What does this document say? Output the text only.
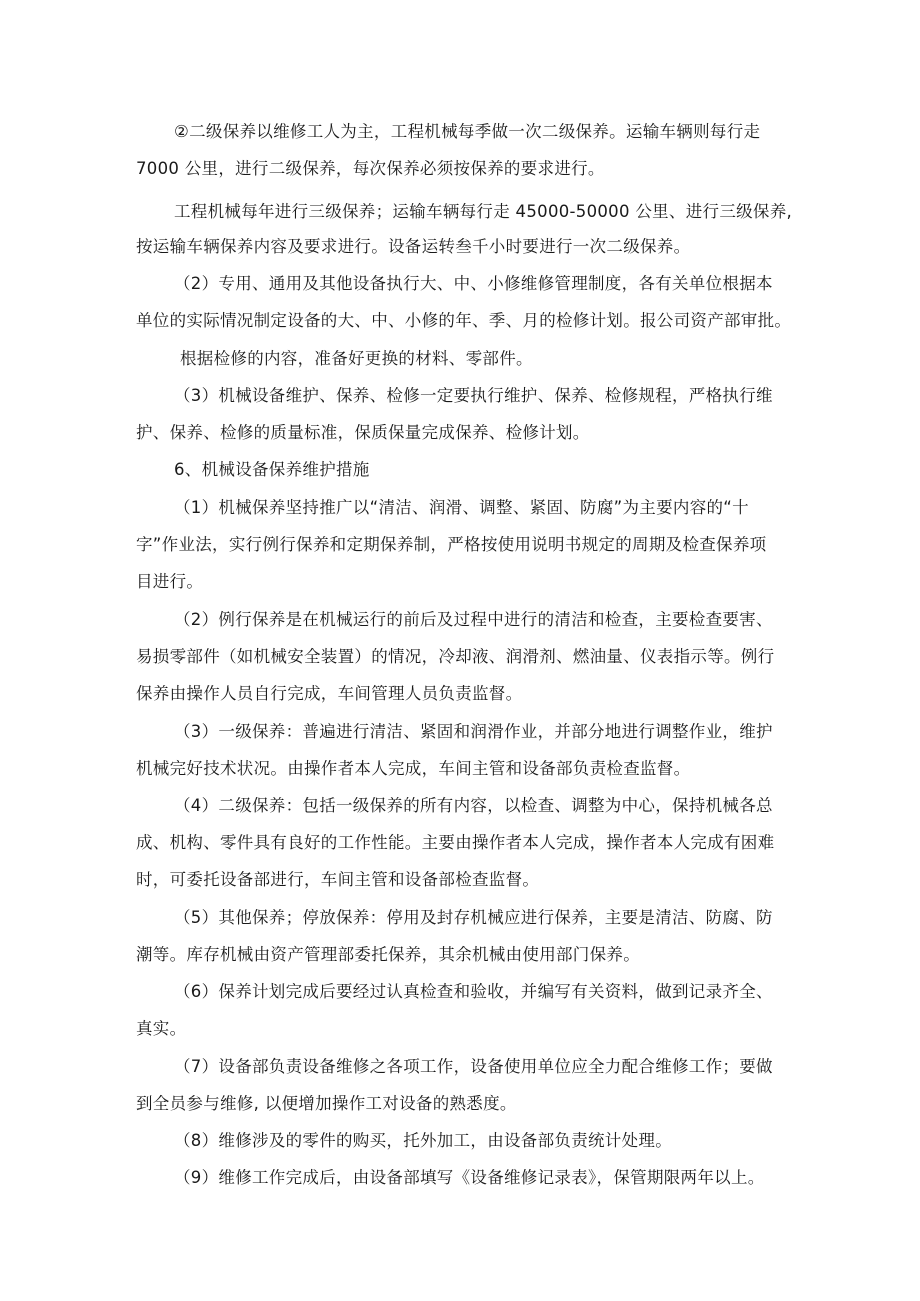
②二级保养以维修工人为主，工程机械每季做一次二级保养。运输车辆则每行走
7000 公里，进行二级保养，每次保养必须按保养的要求进行。
工程机械每年进行三级保养；运输车辆每行走 45000-50000 公里、进行三级保养,
按运输车辆保养内容及要求进行。设备运转叁千小时要进行一次二级保养。
（2）专用、通用及其他设备执行大、中、小修维修管理制度，各有关单位根据本
单位的实际情况制定设备的大、中、小修的年、季、月的检修计划。报公司资产部审批。
根据检修的内容，准备好更换的材料、零部件。
（3）机械设备维护、保养、检修一定要执行维护、保养、检修规程，严格执行维
护、保养、检修的质量标准，保质保量完成保养、检修计划。
6、机械设备保养维护措施
（1）机械保养坚持推广以“清洁、润滑、调整、紧固、防腐”为主要内容的“十
字”作业法，实行例行保养和定期保养制，严格按使用说明书规定的周期及检查保养项
目进行。
（2）例行保养是在机械运行的前后及过程中进行的清洁和检查，主要检查要害、
易损零部件（如机械安全装置）的情况，冷却液、润滑剂、燃油量、仪表指示等。例行
保养由操作人员自行完成，车间管理人员负责监督。
（3）一级保养：普遍进行清洁、紧固和润滑作业，并部分地进行调整作业，维护
机械完好技术状况。由操作者本人完成，车间主管和设备部负责检查监督。
（4）二级保养：包括一级保养的所有内容，以检查、调整为中心，保持机械各总
成、机构、零件具有良好的工作性能。主要由操作者本人完成，操作者本人完成有困难
时，可委托设备部进行，车间主管和设备部检查监督。
（5）其他保养；停放保养：停用及封存机械应进行保养，主要是清洁、防腐、防
潮等。库存机械由资产管理部委托保养，其余机械由使用部门保养。
（6）保养计划完成后要经过认真检查和验收，并编写有关资料，做到记录齐全、
真实。
（7）设备部负责设备维修之各项工作，设备使用单位应全力配合维修工作；要做
到全员参与维修, 以便增加操作工对设备的熟悉度。
（8）维修涉及的零件的购买，托外加工，由设备部负责统计处理。
（9）维修工作完成后，由设备部填写《设备维修记录表》，保管期限两年以上。
